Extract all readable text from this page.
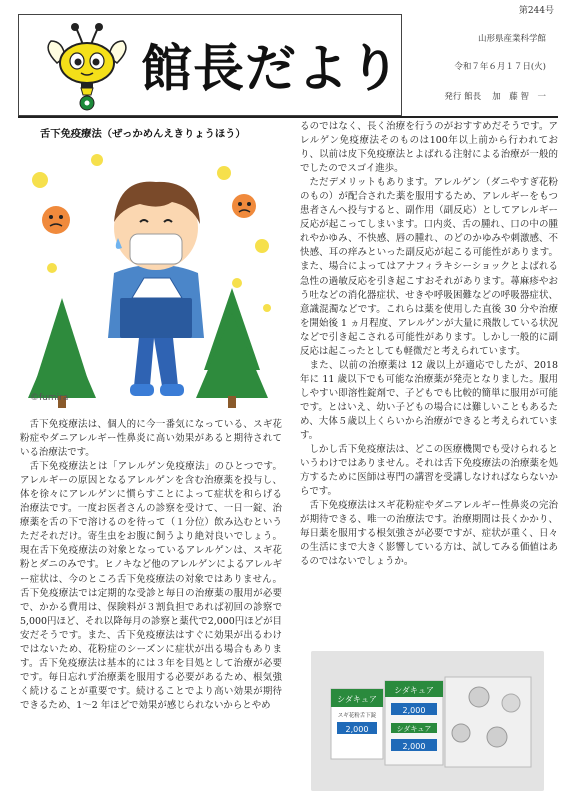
第244号
館長だより
山形県産業科学館
令和７年６月１７日(火)
発行 館長　 加　藤 智　一
舌下免疫療法（ぜっかめんえきりょうほう）
©fumira

舌下免疫療法は、個人的に今一番気になっている、スギ花粉症やダニアレルギー性鼻炎に高い効果があると期待されている治療法です。

舌下免疫療法とは「アレルゲン免疫療法」のひとつです。アレルギーの原因となるアレルゲンを含む治療薬を投与し、体を徐々にアレルゲンに慣らすことによって症状を和らげる治療法です。一度お医者さんの診察を受けて、一日一錠、治療薬を舌の下で溶けるのを待って（１分位）飲み込むというただそれだけ。寄生虫をお腹に飼うより絶対良いでしょう。現在舌下免疫療法の対象となっているアレルゲンは、スギ花粉とダニのみです。ヒノキなど他のアレルゲンによるアレルギー症状は、今のところ舌下免疫療法の対象ではありません。舌下免疫療法では定期的な受診と毎日の治療薬の服用が必要で、かかる費用は、保険料が３割負担であれば初回の診察で5,000円ほど、それ以降毎月の診察と薬代で2,000円ほどが目安だそうです。また、舌下免疫療法はすぐに効果が出るわけではないため、花粉症のシーズンに症状が出る場合もあります。舌下免疫療法は基本的には３年を目処として治療が必要です。毎日忘れず治療薬を服用する必要があるため、根気強く続けることが重要です。続けることでより高い効果が期待できるため、1〜2 年ほどで効果が感じられないからとやめ

るのではなく、長く治療を行うのがおすすめだそうです。アレルゲン免疫療法そのものは100年以上前から行われており、以前は皮下免疫療法とよばれる注射による治療が一般的でしたのでスゴイ進歩。

ただデメリットもあります。アレルゲン（ダニやすぎ花粉のもの）が配合された薬を服用するため、アレルギーをもつ患者さんへ投与すると、副作用（副反応）としてアレルギー反応が起こってしまいます。口内炎、舌の腫れ、口の中の腫れやかゆみ、不快感、唇の腫れ、のどのかゆみや刺激感、不快感、耳の痒みといった副反応が起こる可能性があります。また、場合によってはアナフィラキシーショックとよばれる急性の過敏反応を引き起こすおそれがあります。蕁麻疹やおう吐などの消化器症状、せきや呼吸困難などの呼吸器症状、意識混濁などです。これらは薬を使用した直後 30 分や治療を開始後 1 ヵ月程度、アレルゲンが大量に飛散している状況などで引き起こされる可能性があります。しかし一般的に副反応は起こったとしても軽微だと考えられています。

また、以前の治療薬は 12 歳以上が適応でしたが、2018 年に 11 歳以下でも可能な治療薬が発売となりました。服用しやすい即溶性錠剤で、子どもでも比較的簡単に服用が可能です。とはいえ、幼い子どもの場合には難しいこともあるため、大体５歳以上くらいから治療ができると考えられています。

しかし舌下免疫療法は、どこの医療機関でも受けられるというわけではありません。それは舌下免疫療法の治療薬を処方するために医師は専門の講習を受講しなければならないからです。

舌下免疫療法はスギ花粉症やダニアレルギー性鼻炎の完治が期待できる、唯一の治療法です。治療期間は長くかかり、毎日薬を服用する根気強さが必要ですが、症状が重く、日々の生活にまで大きく影響している方は、試してみる価値はあるのではないでしょうか。

シダキュア
スギ花粉舌下錠
2,000
シダキュア
2,000
シダキュア
2,000
